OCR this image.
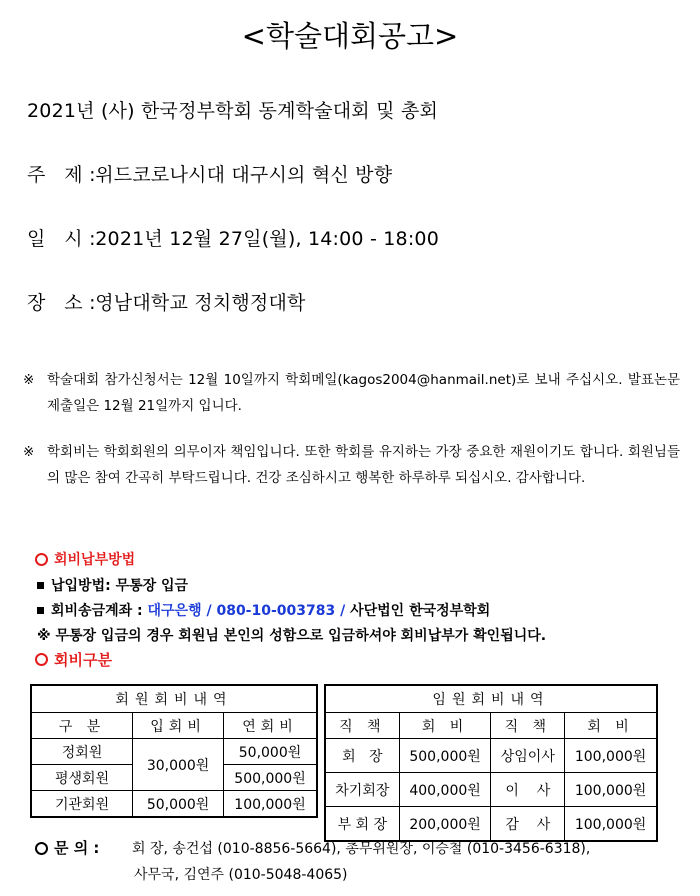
<학술대회공고>
2021년 (사) 한국정부학회 동계학술대회 및 총회
주   제 : 위드코로나시대 대구시의 혁신 방향
일   시 : 2021년 12월 27일(월), 14:00 - 18:00
장   소 : 영남대학교 정치행정대학
※ 학술대회 참가신청서는 12월 10일까지 학회메일(kagos2004@hanmail.net)로 보내 주십시오. 발표논문 제출일은 12월 21일까지 입니다.
※ 학회비는 학회회원의 의무이자 책임입니다. 또한 학회를 유지하는 가장 중요한 재원이기도 합니다. 회원님들의 많은 참여 간곡히 부탁드립니다. 건강 조심하시고 행복한 하루하루 되십시오. 감사합니다.
회비납부방법
납입방법: 무통장 입금
회비송금계좌 : 대구은행 / 080-10-003783 / 사단법인 한국정부학회
※ 무통장 입금의 경우 회원님 본인의 성함으로 입금하셔야 회비납부가 확인됩니다.
회비구분
회원회비내역		
구 분	입회비	연회비
정회원	30,000원	50,000원
평생회원		500,000원

기관회원	50,000원	100,000원
임원회비내역			
직 책	회 비	직 책	회 비
회   장	500,000원	상임이사	100,000원
차기회장	400,000원	이    사	100,000원
부 회 장	200,000원	감    사	100,000원
문 의 : 회 장, 송건섭 (010-8856-5664), 총무위원장, 이승철 (010-3456-6318),
사무국, 김연주 (010-5048-4065)
